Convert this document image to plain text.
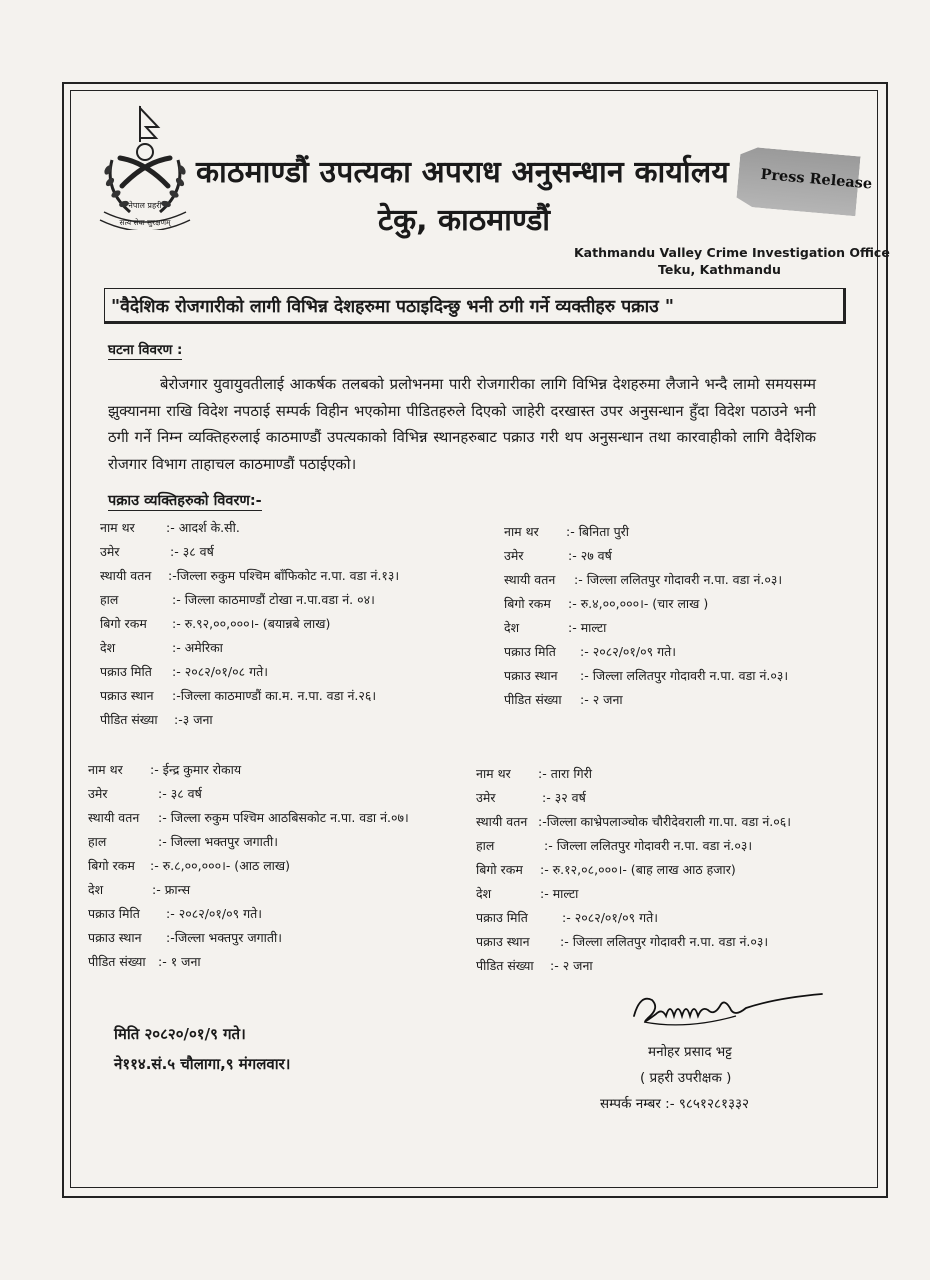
नेपाल प्रहरी
सत्य सेवा सुरक्षणम्
काठमाण्डौं उपत्यका अपराध अनुसन्धान कार्यालय
टेकु, काठमाण्डौं
Kathmandu Valley Crime Investigation Office
Teku, Kathmandu
Press Release
"वैदेशिक रोजगारीको लागी विभिन्न देशहरुमा पठाइदिन्छु भनी ठगी गर्ने व्यक्तीहरु पक्राउ "
घटना विवरण :
बेरोजगार युवायुवतीलाई आकर्षक तलबको प्रलोभनमा पारी रोजगारीका लागि विभिन्न देशहरुमा लैजाने भन्दै लामो समयसम्म झुक्यानमा राखि विदेश नपठाई सम्पर्क विहीन भएकोमा पीडितहरुले दिएको जाहेरी दरखास्त उपर अनुसन्धान हुँदा विदेश पठाउने भनी ठगी गर्ने निम्न व्यक्तिहरुलाई काठमाण्डौं उपत्यकाको विभिन्न स्थानहरुबाट पक्राउ गरी थप अनुसन्धान तथा कारवाहीको लागि वैदेशिक रोजगार विभाग ताहाचल काठमाण्डौं पठाईएको।
पक्राउ व्यक्तिहरुको विवरण:-
नाम थर	:- आदर्श के.सी.
उमेर	:- ३८ वर्ष
स्थायी वतन :-जिल्ला रुकुम पश्चिम बाँफिकोट न.पा. वडा नं.१३।
हाल	:- जिल्ला काठमाण्डौं टोखा न.पा.वडा नं. ०४।
बिगो रकम :- रु.९२,००,०००।- (बयान्नबे लाख)
देश	:- अमेरिका
पक्राउ मिति :- २०८२/०१/०८ गते।
पक्राउ स्थान :-जिल्ला काठमाण्डौं का.म. न.पा. वडा नं.२६।
पीडित संख्या :-३ जना
नाम थर :- बिनिता पुरी
उमेर	:- २७ वर्ष
स्थायी वतन :- जिल्ला ललितपुर गोदावरी न.पा. वडा नं.०३।
बिगो रकम :- रु.४,००,०००।- (चार लाख )
देश	:- माल्टा
पक्राउ मिति :- २०८२/०१/०९ गते।
पक्राउ स्थान :- जिल्ला ललितपुर गोदावरी न.पा. वडा नं.०३।
पीडित संख्या :- २ जना
नाम थर :- ईन्द्र कुमार रोकाय
उमेर	:- ३८ वर्ष
स्थायी वतन :- जिल्ला रुकुम पश्चिम आठबिसकोट न.पा. वडा नं.०७।
हाल	:- जिल्ला भक्तपुर जगाती।
बिगो रकम :- रु.८,००,०००।- (आठ लाख)
देश	:- फ्रान्स
पक्राउ मिति :- २०८२/०१/०९ गते।
पक्राउ स्थान :-जिल्ला भक्तपुर जगाती।
पीडित संख्या :- १ जना
नाम थर :- तारा गिरी
उमेर	:- ३२ वर्ष
स्थायी वतन :-जिल्ला काभ्रेपलाञ्चोक चौरीदेवराली गा.पा. वडा नं.०६।
हाल	:- जिल्ला ललितपुर गोदावरी न.पा. वडा नं.०३।
बिगो रकम :- रु.१२,०८,०००।- (बाह लाख आठ हजार)
देश	:- माल्टा
पक्राउ मिति	:- २०८२/०१/०९ गते।
पक्राउ स्थान :- जिल्ला ललितपुर गोदावरी न.पा. वडा नं.०३।
पीडित संख्या :- २ जना
मनोहर प्रसाद भट्ट
( प्रहरी उपरीक्षक )
सम्पर्क नम्बर :- ९८५१२८१३३२
मिति २०८२०/०१/९ गते।
ने११४.सं.५ चौलागा,९ मंगलवार।
